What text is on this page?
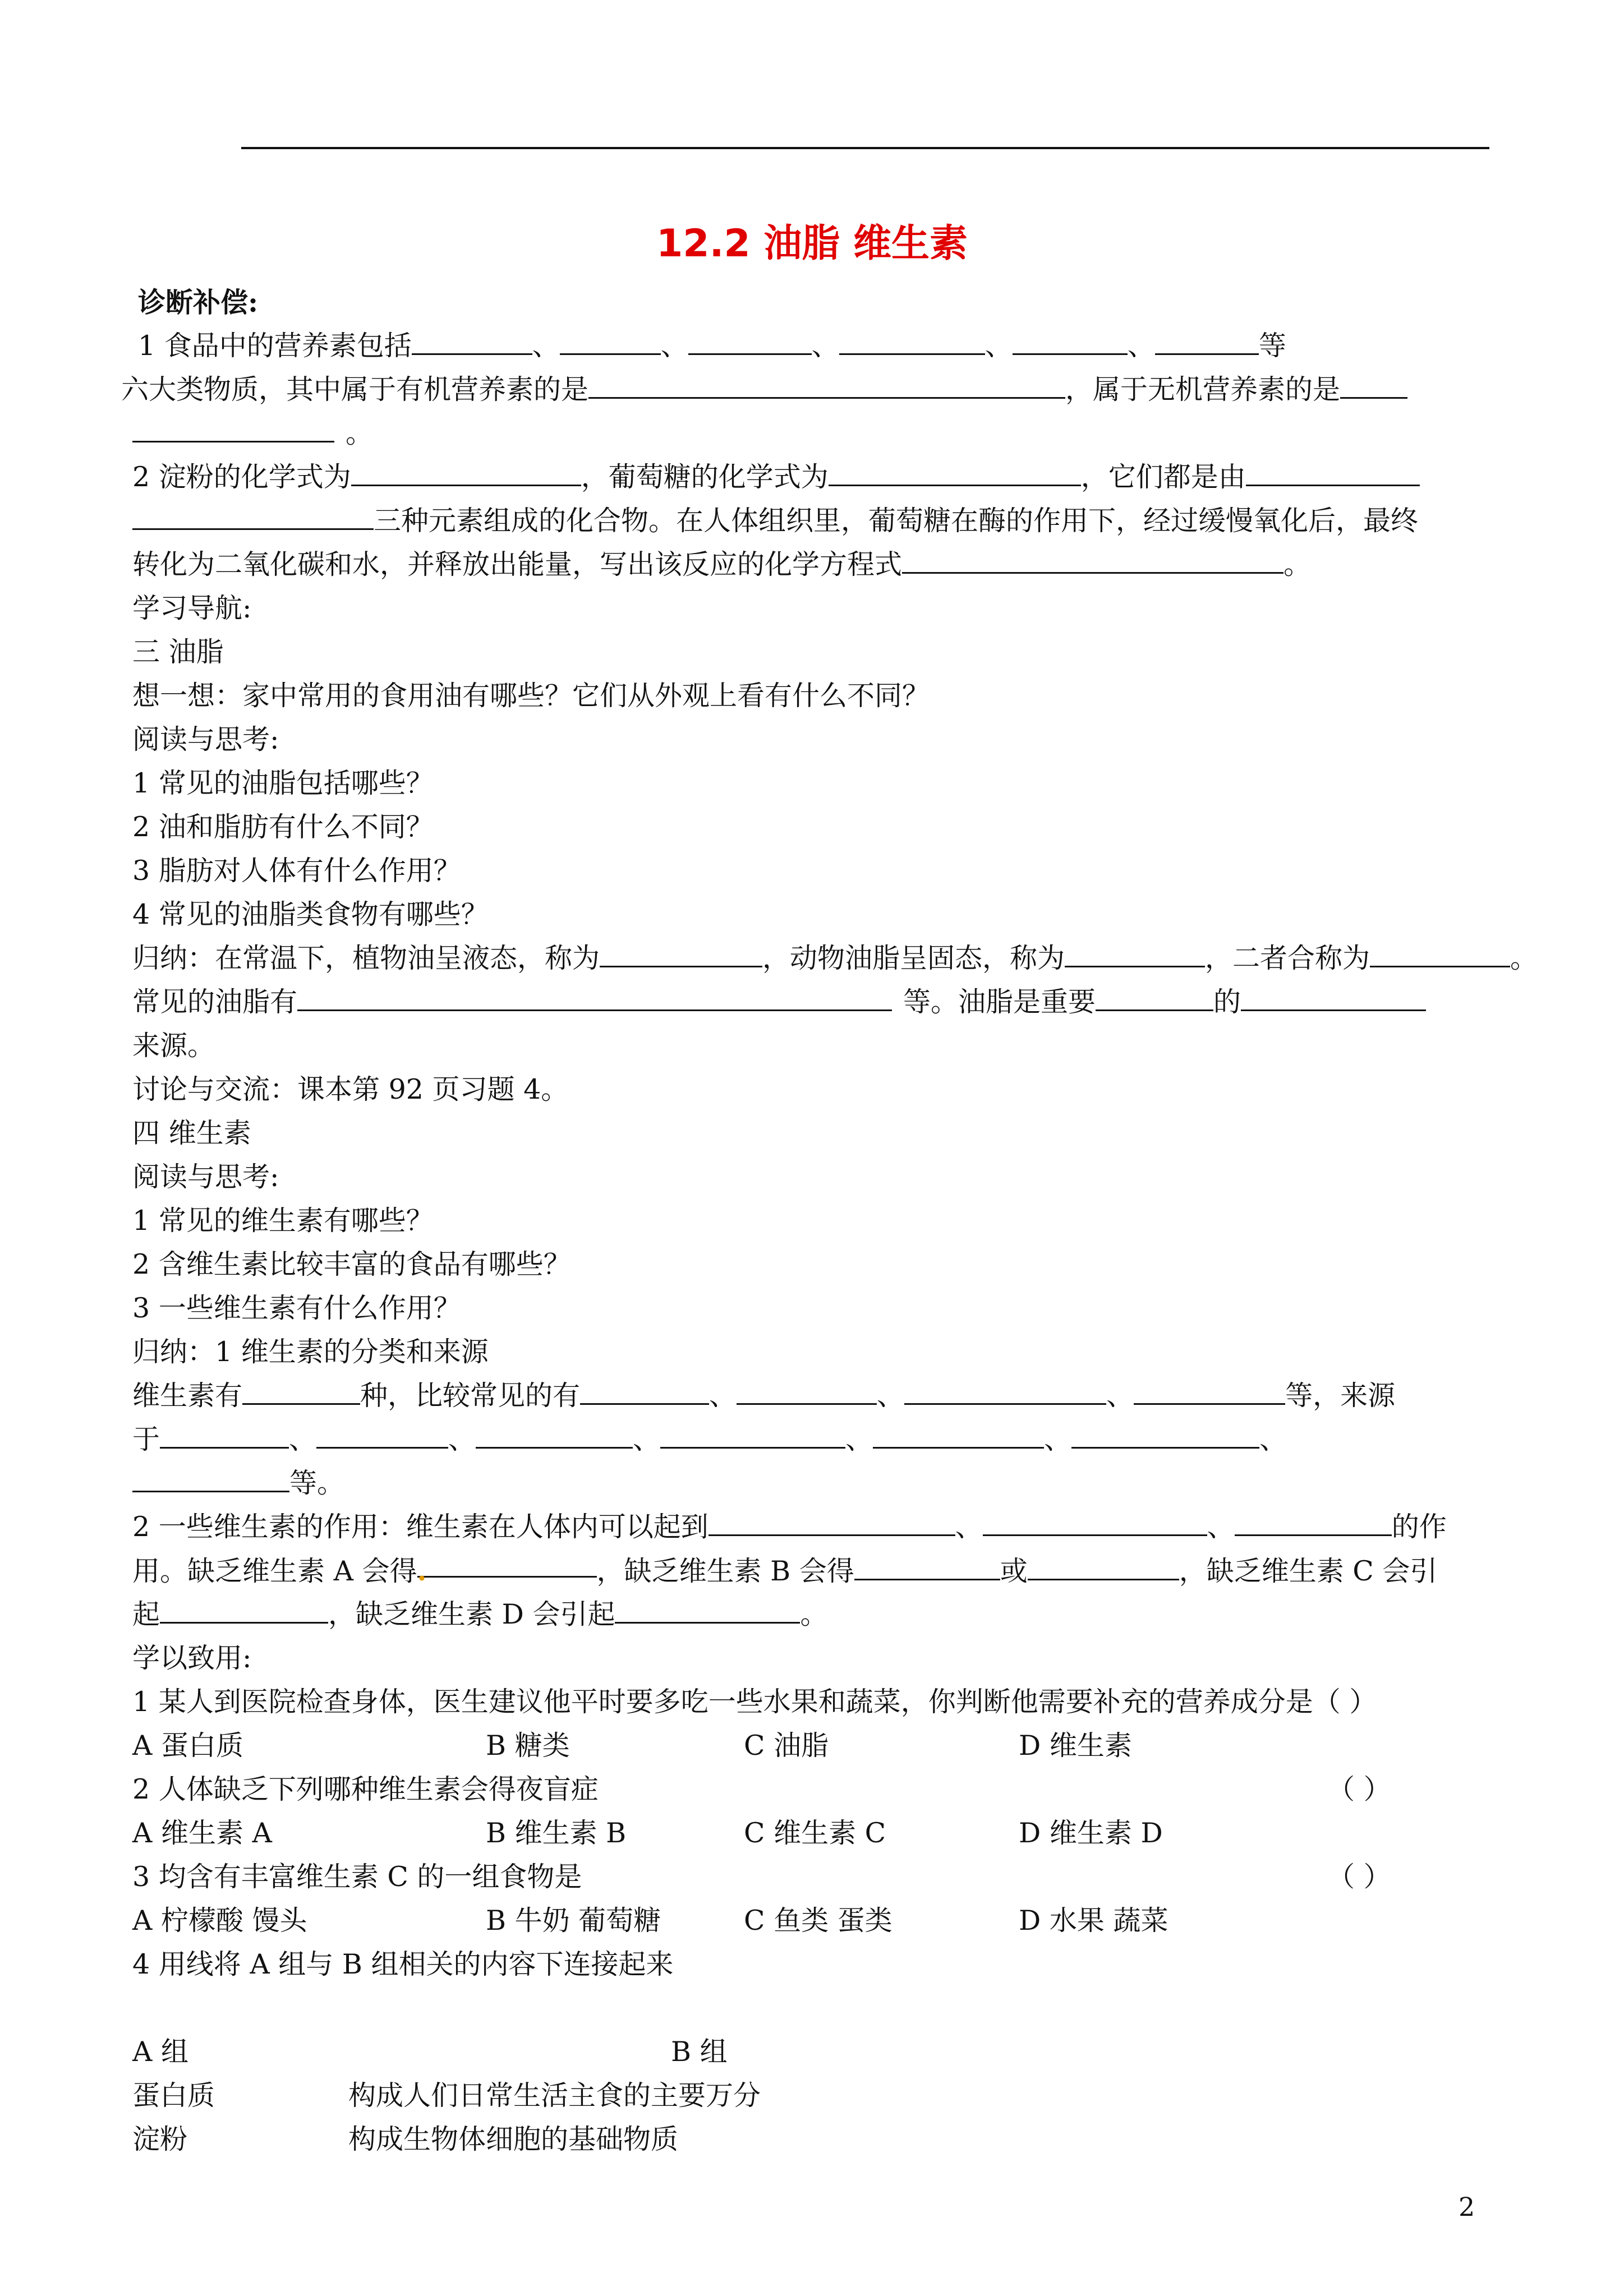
12.2 油脂 维生素
诊断补偿:
1 食品中的营养素包括	、	、	、	、	、	等
六大类物质，其中属于有机营养素的是	，属于无机营养素的是
。
2 淀粉的化学式为	，葡萄糖的化学式为	，它们都是由
三种元素组成的化合物。在人体组织里，葡萄糖在酶的作用下，经过缓慢氧化后，最终
转化为二氧化碳和水，并释放出能量，写出该反应的化学方程式	。
学习导航:
三 油脂
想一想：家中常用的食用油有哪些？它们从外观上看有什么不同？
阅读与思考:
1 常见的油脂包括哪些？
2 油和脂肪有什么不同？
3 脂肪对人体有什么作用？
4 常见的油脂类食物有哪些？
归纳：在常温下，植物油呈液态，称为	，动物油脂呈固态，称为	，二者合称为	。
常见的油脂有	等。油脂是重要	的
来源。
讨论与交流：课本第 92 页习题 4。
四 维生素
阅读与思考:
1 常见的维生素有哪些？
2 含维生素比较丰富的食品有哪些？
3 一些维生素有什么作用？
归纳：1 维生素的分类和来源
维生素有	种，比较常见的有	、	、	、	等，来源
于	、	、	、	、	、	、
等。
2 一些维生素的作用：维生素在人体内可以起到	、	、	的作
用。缺乏维生素 A 会得.	，缺乏维生素 B 会得	或	，缺乏维生素 C 会引
起	，缺乏维生素 D 会引起	。
学以致用:
1 某人到医院检查身体，医生建议他平时要多吃一些水果和蔬菜，你判断他需要补充的营养成分是（ ）
A 蛋白质	B 糖类	C 油脂	D 维生素
2 人体缺乏下列哪种维生素会得夜盲症	（ ）
A 维生素 A	B 维生素 B	C 维生素 C	D 维生素 D
3 均含有丰富维生素 C 的一组食物是	（ ）
A 柠檬酸 馒头	B 牛奶 葡萄糖	C 鱼类 蛋类	D 水果 蔬菜
4 用线将 A 组与 B 组相关的内容下连接起来
A 组	B 组
蛋白质	构成人们日常生活主食的主要万分
淀粉	构成生物体细胞的基础物质
2
